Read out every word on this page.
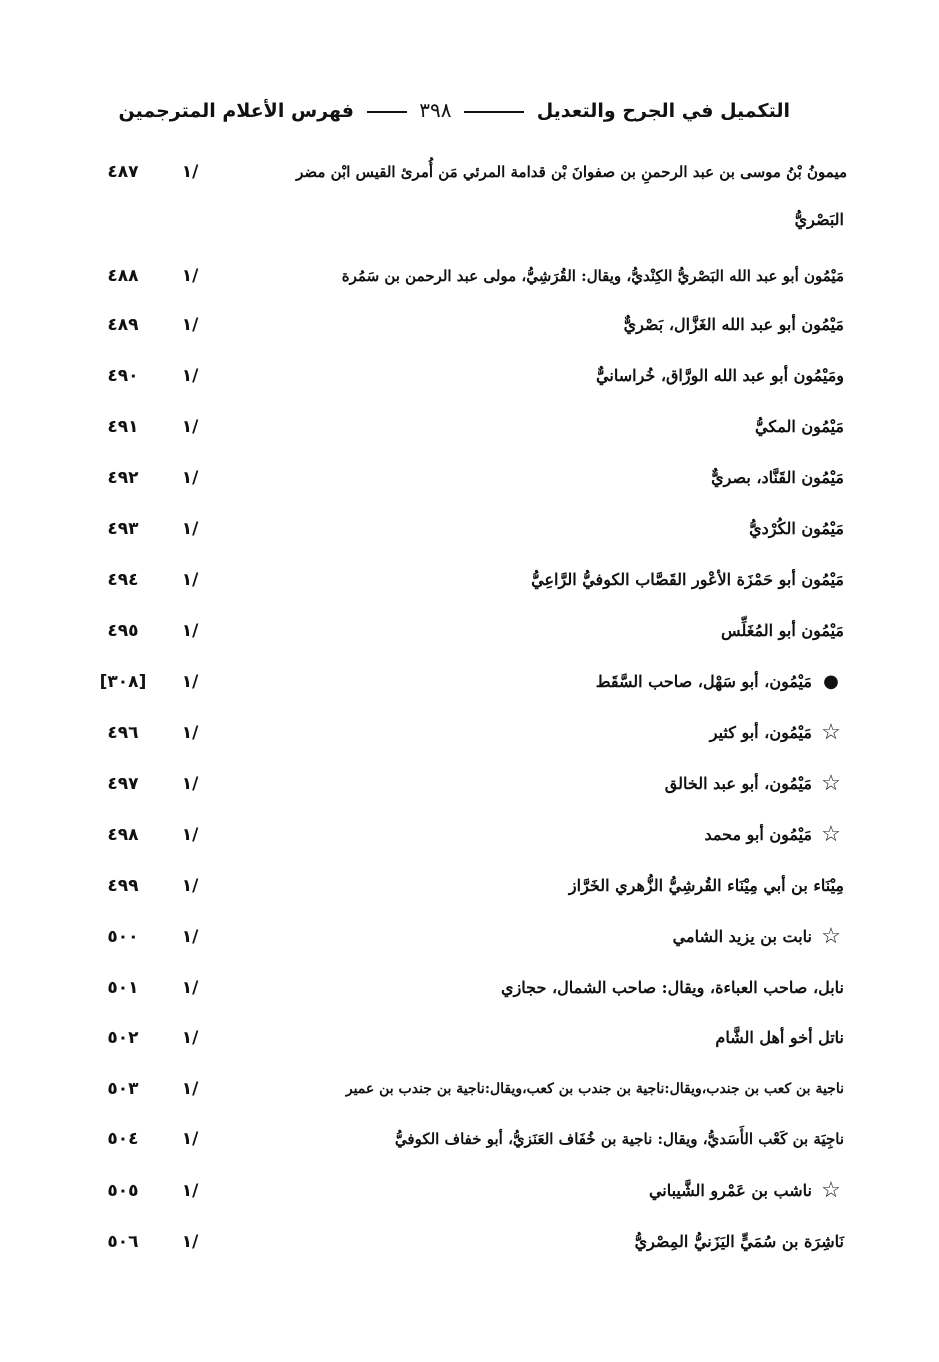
التكميل في الجرح والتعديل  ٣٩٨  فهرس الأعلام المترجمين
ميمونُ بْنُ موسى بن عبد الرحمنِ بن صفوانَ بْن قدامة المرئي مَن أُمرئ القيس ابْن مضر
١/
٤٨٧
البَصْريُّ
مَيْمُون أبو عبد الله البَصْريُّ الكِنْديُّ، ويقال: القُرَشِيُّ، مولى عبد الرحمن بن سَمُرة
١/
٤٨٨
مَيْمُون أبو عبد الله الغَزَّال، بَصْريٌّ
١/
٤٨٩
ومَيْمُون أبو عبد الله الورَّاق، خُراسانيٌّ
١/
٤٩٠
مَيْمُون المكيُّ
١/
٤٩١
مَيْمُون القَنَّاد، بصريٌّ
١/
٤٩٢
مَيْمُون الكُرْديُّ
١/
٤٩٣
مَيْمُون أبو حَمْزَة الأعْور القَصَّاب الكوفيُّ الرَّاعِيُّ
١/
٤٩٤
مَيْمُون أبو المُغَلِّس
١/
٤٩٥
●مَيْمُون، أبو سَهْل، صاحب السَّقَط
١/
[٣٠٨]
☆مَيْمُون، أبو كثير
١/
٤٩٦
☆مَيْمُون، أبو عبد الخالق
١/
٤٩٧
☆مَيْمُون أبو محمد
١/
٤٩٨
مِيْنَاء بن أبي مِيْنَاء القُرشِيُّ الزُّهري الخَرَّاز
١/
٤٩٩
☆نابت بن يزيد الشامي
١/
٥٠٠
نابل، صاحب العباءة، ويقال: صاحب الشمال، حجازي
١/
٥٠١
ناتل أخو أهل الشَّام
١/
٥٠٢
ناجية بن كعب بن جندب،ويقال:ناجية بن جندب بن كعب،ويقال:ناجية بن جندب بن عمير
١/
٥٠٣
ناجِيَة بن كَعْب الأَسَديُّ، ويقال: ناجية بن خُفَاف العَنَزيُّ، أبو خفاف الكوفيُّ
١/
٥٠٤
☆ناشب بن عَمْرو الشَّيباني
١/
٥٠٥
نَاشِرَة بن سُمَيٍّ اليَزَنيُّ المِصْريُّ
١/
٥٠٦
